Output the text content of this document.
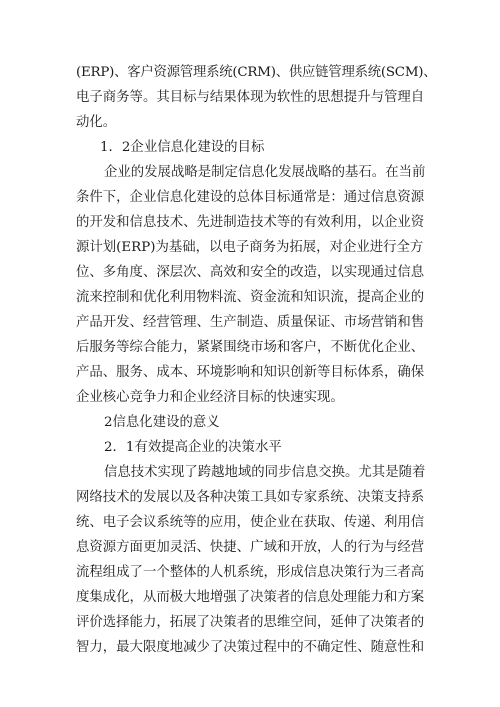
(ERP)、客户资源管理系统(CRM)、供应链管理系统(SCM)、
电子商务等。其目标与结果体现为软性的思想提升与管理自
动化。
1．2企业信息化建设的目标
企业的发展战略是制定信息化发展战略的基石。在当前
条件下，企业信息化建设的总体目标通常是：通过信息资源
的开发和信息技术、先进制造技术等的有效利用，以企业资
源计划(ERP)为基础，以电子商务为拓展，对企业进行全方
位、多角度、深层次、高效和安全的改造，以实现通过信息
流来控制和优化利用物料流、资金流和知识流，提高企业的
产品开发、经营管理、生产制造、质量保证、市场营销和售
后服务等综合能力，紧紧围绕市场和客户，不断优化企业、
产品、服务、成本、环境影响和知识创新等目标体系，确保
企业核心竞争力和企业经济目标的快速实现。
2信息化建设的意义
2．1有效提高企业的决策水平
信息技术实现了跨越地域的同步信息交换。尤其是随着
网络技术的发展以及各种决策工具如专家系统、决策支持系
统、电子会议系统等的应用，使企业在获取、传递、利用信
息资源方面更加灵活、快捷、广域和开放，人的行为与经营
流程组成了一个整体的人机系统，形成信息决策行为三者高
度集成化，从而极大地增强了决策者的信息处理能力和方案
评价选择能力，拓展了决策者的思维空间，延伸了决策者的
智力，最大限度地减少了决策过程中的不确定性、随意性和
